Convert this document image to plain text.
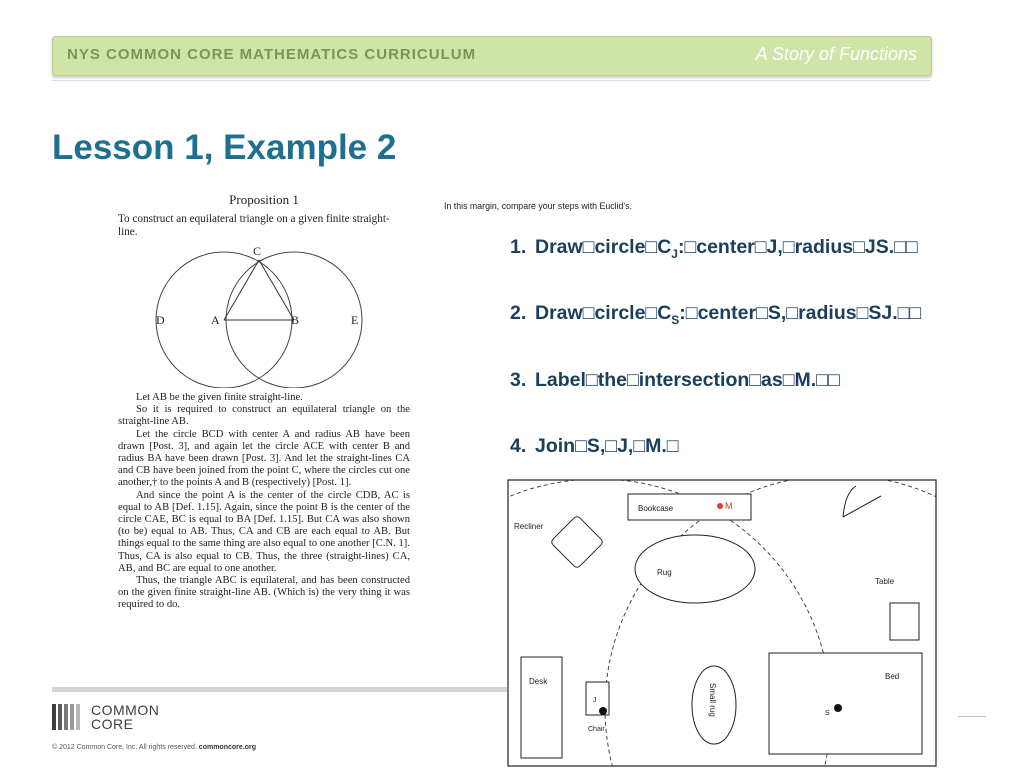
NYS COMMON CORE MATHEMATICS CURRICULUM	A Story of Functions
Lesson 1, Example 2
Proposition 1
To construct an equilateral triangle on a given finite straight-line.
C
D	A	B	E

Let AB be the given finite straight-line.

So it is required to construct an equilateral triangle on the straight-line AB.

Let the circle BCD with center A and radius AB have been drawn [Post. 3], and again let the circle ACE with center B and radius BA have been drawn [Post. 3]. And let the straight-lines CA and CB have been joined from the point C, where the circles cut one another,† to the points A and B (respectively) [Post. 1].

And since the point A is the center of the circle CDB, AC is equal to AB [Def. 1.15]. Again, since the point B is the center of the circle CAE, BC is equal to BA [Def. 1.15]. But CA was also shown (to be) equal to AB. Thus, CA and CB are each equal to AB. But things equal to the same thing are also equal to one another [C.N. 1]. Thus, CA is also equal to CB. Thus, the three (straight-lines) CA, AB, and BC are equal to one another.

Thus, the triangle ABC is equilateral, and has been constructed on the given finite straight-line AB. (Which is) the very thing it was required to do.

In this margin, compare your steps with Euclid's.
1. $Draw□circle□C_J:□center□J,□radius□JS.□□$
2. $Draw□circle□C_S:□center□S,□radius□SJ.□□$
3. Label□the□intersection□as□M.□□
4. Join□S,□J,□M.□
Recliner
Bookcase	M
Rug
Table
Desk
J
Chair
Small rug
Bed
S
COMMON
CORE
© 2012 Common Core, Inc. All rights reserved. commoncore.org
